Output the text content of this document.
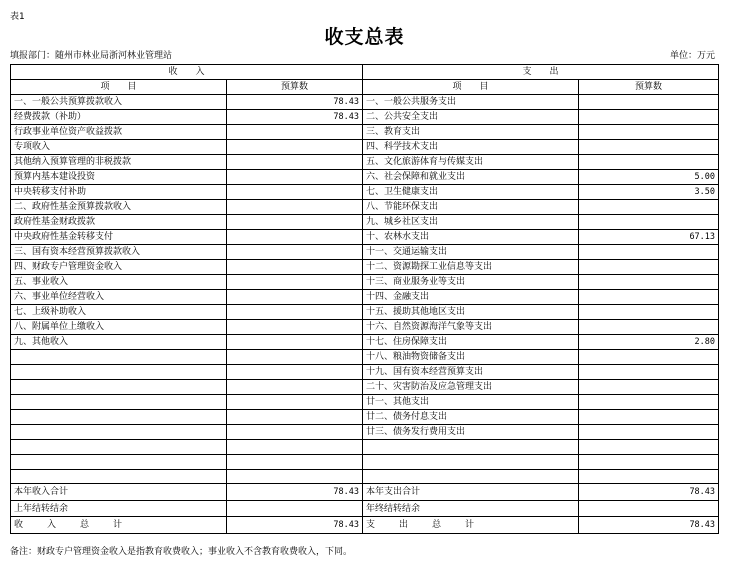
表1
收支总表
填报部门：随州市林业局浙河林业管理站	单位：万元
收　　入		支　　出	
项　　目	预算数	项　　目	预算数
一、一般公共预算拨款收入	78.43	一、一般公共服务支出	
经费拨款（补助）	78.43	二、公共安全支出	
行政事业单位资产收益拨款		三、教育支出	
专项收入		四、科学技术支出	
其他纳入预算管理的非税拨款		五、文化旅游体育与传媒支出	
预算内基本建设投资		六、社会保障和就业支出	5.00
中央转移支付补助		七、卫生健康支出	3.50
二、政府性基金预算拨款收入		八、节能环保支出	
政府性基金财政拨款		九、城乡社区支出	
中央政府性基金转移支付		十、农林水支出	67.13
三、国有资本经营预算拨款收入		十一、交通运输支出	
四、财政专户管理资金收入		十二、资源勘探工业信息等支出	
五、事业收入		十三、商业服务业等支出	
六、事业单位经营收入		十四、金融支出	
七、上级补助收入		十五、援助其他地区支出	
八、附属单位上缴收入		十六、自然资源海洋气象等支出	
九、其他收入		十七、住房保障支出	2.80
		十八、粮油物资储备支出	
		十九、国有资本经营预算支出	
		二十、灾害防治及应急管理支出	
		廿一、其他支出	
		廿二、债务付息支出	
		廿三、债务发行费用支出	

本年收入合计	78.43	本年支出合计	78.43
上年结转结余		年终结转结余	
收　　入　　总　　计	78.43	支　　出　　总　　计	78.43
备注：财政专户管理资金收入是指教育收费收入；事业收入不含教育收费收入，下同。
